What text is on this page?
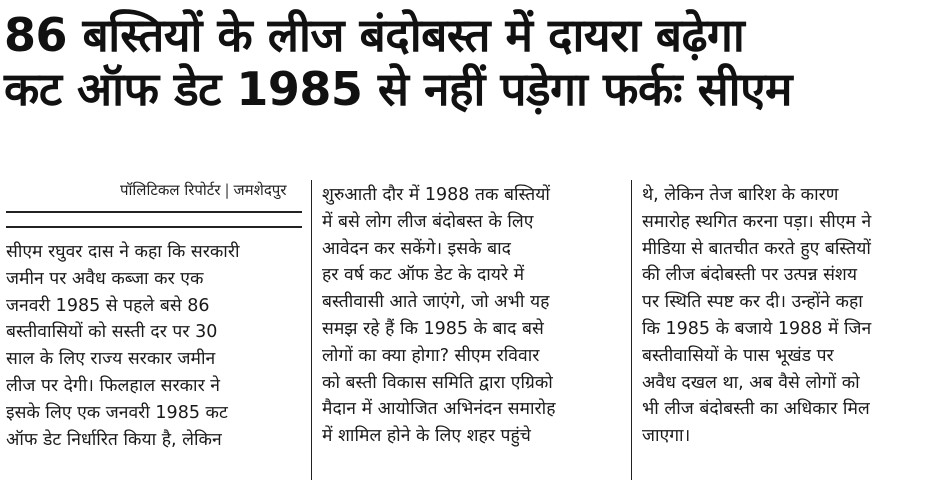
86 बस्तियों के लीज बंदोबस्त में दायरा बढ़ेगा
कट ऑफ डेट 1985 से नहीं पड़ेगा फर्कः सीएम
पॉलिटिकल रिपोर्टर | जमशेदपुर
सीएम रघुवर दास ने कहा कि सरकारी
जमीन पर अवैध कब्जा कर एक
जनवरी 1985 से पहले बसे 86
बस्तीवासियों को सस्ती दर पर 30
साल के लिए राज्य सरकार जमीन
लीज पर देगी। फिलहाल सरकार ने
इसके लिए एक जनवरी 1985 कट
ऑफ डेट निर्धारित किया है, लेकिन
शुरुआती दौर में 1988 तक बस्तियों
में बसे लोग लीज बंदोबस्त के लिए
आवेदन कर सकेंगे। इसके बाद
हर वर्ष कट ऑफ डेट के दायरे में
बस्तीवासी आते जाएंगे, जो अभी यह
समझ रहे हैं कि 1985 के बाद बसे
लोगों का क्या होगा? सीएम रविवार
को बस्ती विकास समिति द्वारा एग्रिको
मैदान में आयोजित अभिनंदन समारोह
में शामिल होने के लिए शहर पहुंचे
थे, लेकिन तेज बारिश के कारण
समारोह स्थगित करना पड़ा। सीएम ने
मीडिया से बातचीत करते हुए बस्तियों
की लीज बंदोबस्ती पर उत्पन्न संशय
पर स्थिति स्पष्ट कर दी। उन्होंने कहा
कि 1985 के बजाये 1988 में जिन
बस्तीवासियों के पास भूखंड पर
अवैध दखल था, अब वैसे लोगों को
भी लीज बंदोबस्ती का अधिकार मिल
जाएगा।
